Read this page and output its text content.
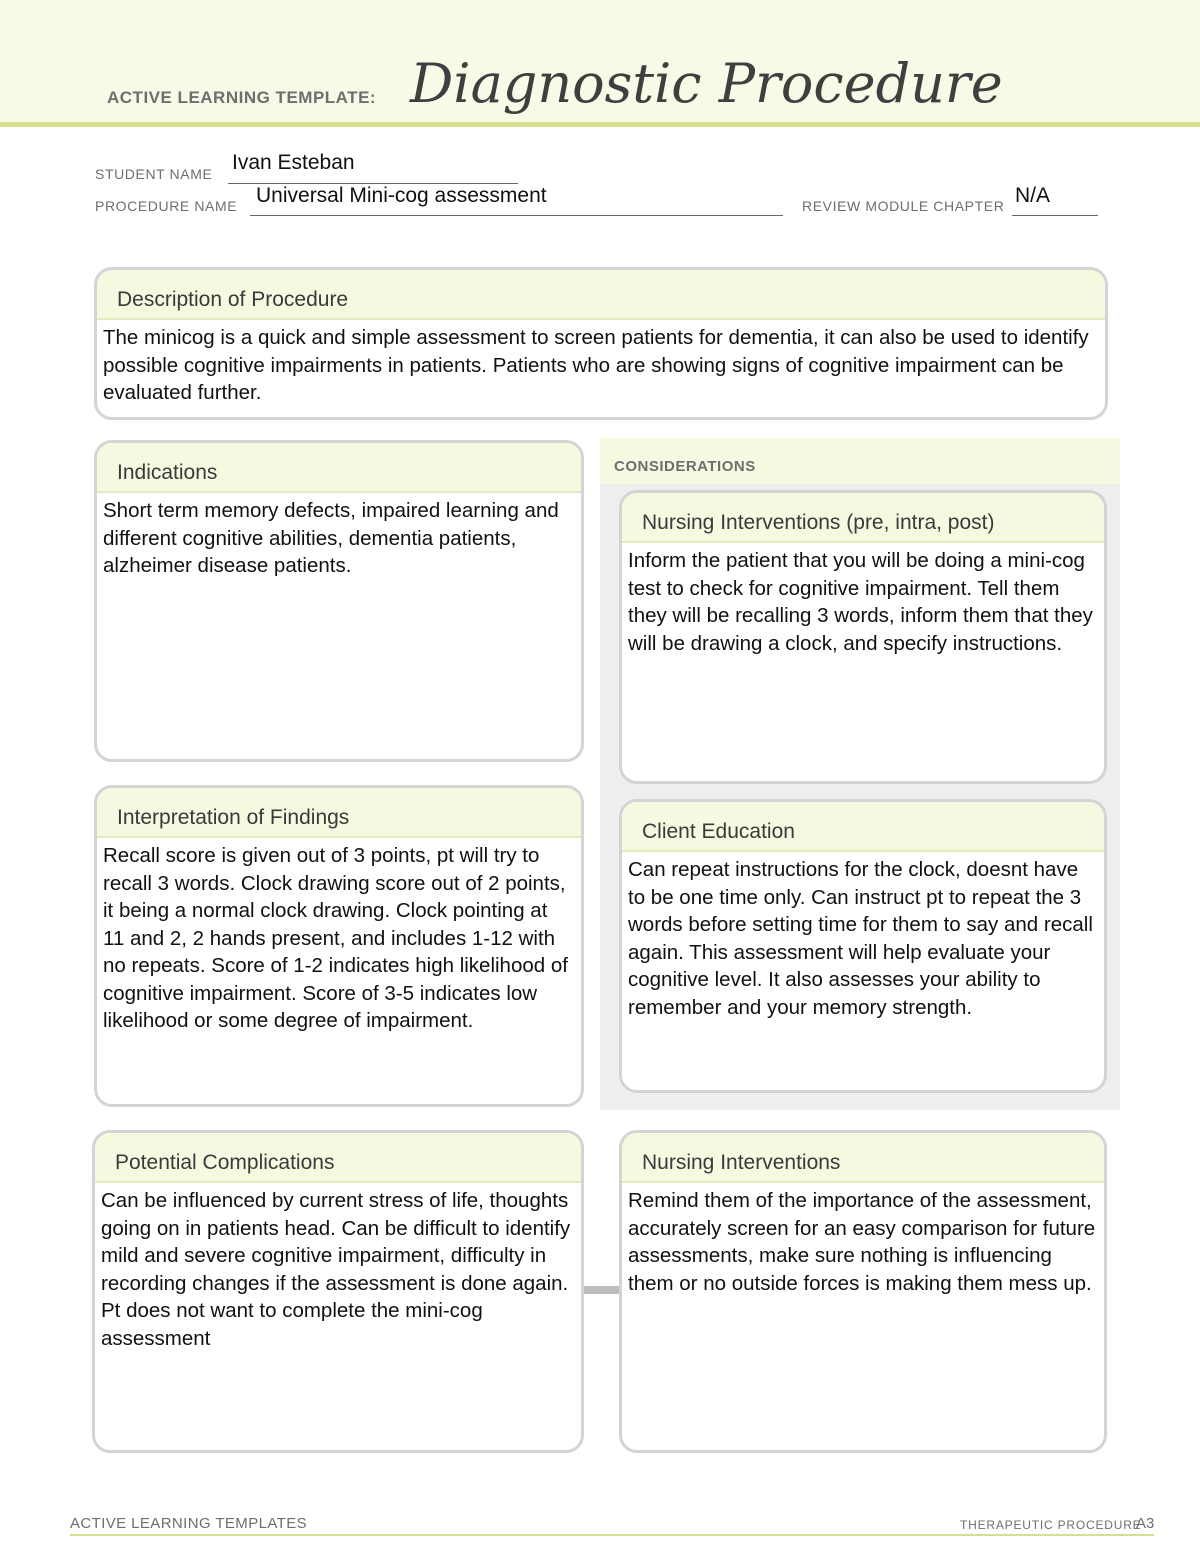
ACTIVE LEARNING TEMPLATE: Diagnostic Procedure
STUDENT NAME Ivan Esteban
PROCEDURE NAME Universal Mini-cog assessment	REVIEW MODULE CHAPTER N/A
Description of Procedure
The minicog is a quick and simple assessment to screen patients for dementia, it can also be used to identify possible cognitive impairments in patients. Patients who are showing signs of cognitive impairment can be evaluated further.
Indications
Short term memory defects, impaired learning and different cognitive abilities, dementia patients, alzheimer disease patients.
CONSIDERATIONS
Nursing Interventions (pre, intra, post)
Inform the patient that you will be doing a mini-cog test to check for cognitive impairment. Tell them they will be recalling 3 words, inform them that they will be drawing a clock, and specify instructions.
Interpretation of Findings
Recall score is given out of 3 points, pt will try to recall 3 words. Clock drawing score out of 2 points, it being a normal clock drawing. Clock pointing at 11 and 2, 2 hands present, and includes 1-12 with no repeats. Score of 1-2 indicates high likelihood of cognitive impairment. Score of 3-5 indicates low likelihood or some degree of impairment.
Client Education
Can repeat instructions for the clock, doesnt have to be one time only. Can instruct pt to repeat the 3 words before setting time for them to say and recall again. This assessment will help evaluate your cognitive level. It also assesses your ability to remember and your memory strength.
Potential Complications
Can be influenced by current stress of life, thoughts going on in patients head. Can be difficult to identify mild and severe cognitive impairment, difficulty in recording changes if the assessment is done again. Pt does not want to complete the mini-cog assessment
Nursing Interventions
Remind them of the importance of the assessment, accurately screen for an easy comparison for future assessments, make sure nothing is influencing them or no outside forces is making them mess up.
ACTIVE LEARNING TEMPLATES	THERAPEUTIC PROCEDURE
A3
